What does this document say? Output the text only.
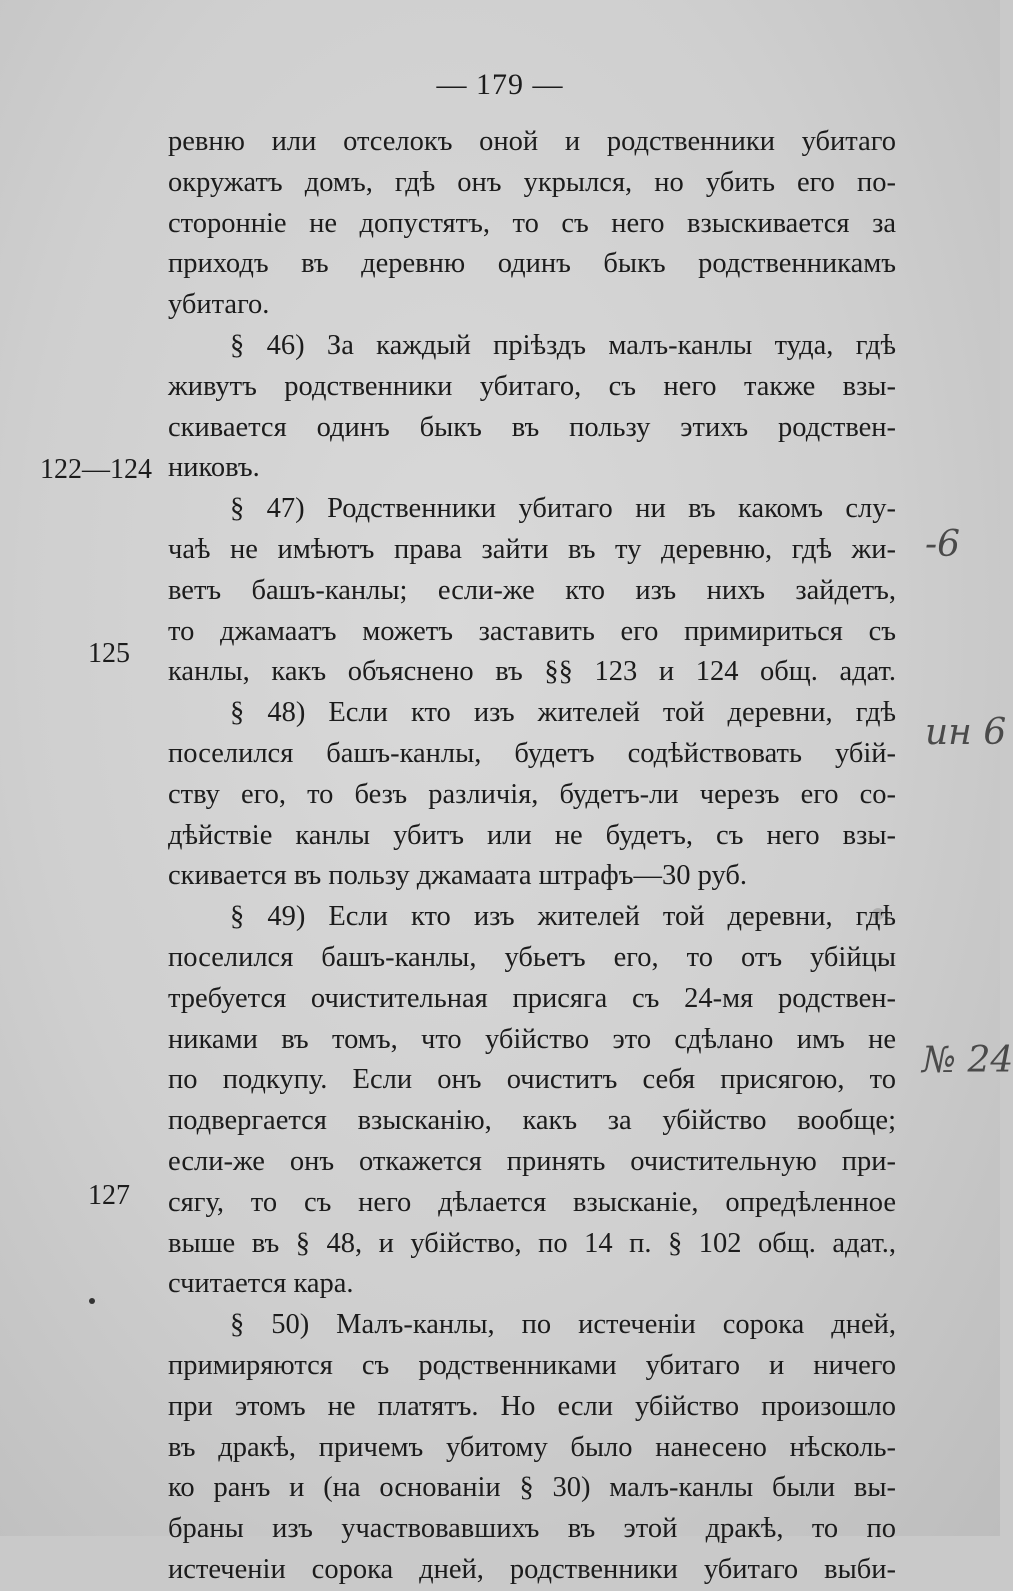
— 179 —
122—124
125
127
-6
ин 6
№ 24
ревню или отселокъ оной и родственники убитаго
окружатъ домъ, гдѣ онъ укрылся, но убить его по-
сторонніе не допустятъ, то съ него взыскивается за
приходъ въ деревню одинъ быкъ родственникамъ
убитаго.
§ 46) За каждый пріѣздъ малъ-канлы туда, гдѣ
живутъ родственники убитаго, съ него также взы-
скивается одинъ быкъ въ пользу этихъ родствен-
никовъ.
§ 47) Родственники убитаго ни въ какомъ слу-
чаѣ не имѣютъ права зайти въ ту деревню, гдѣ жи-
ветъ башъ-канлы; если-же кто изъ нихъ зайдетъ,
то джамаатъ можетъ заставить его примириться съ
канлы, какъ объяснено въ §§ 123 и 124 общ. адат.
§ 48) Если кто изъ жителей той деревни, гдѣ
поселился башъ-канлы, будетъ содѣйствовать убій-
ству его, то безъ различія, будетъ-ли черезъ его со-
дѣйствіе канлы убитъ или не будетъ, съ него взы-
скивается въ пользу джамаата штрафъ—30 руб.
§ 49) Если кто изъ жителей той деревни, гдѣ
поселился башъ-канлы, убьетъ его, то отъ убійцы
требуется очистительная присяга съ 24-мя родствен-
никами въ томъ, что убійство это сдѣлано имъ не
по подкупу. Если онъ очиститъ себя присягою, то
подвергается взысканію, какъ за убійство вообще;
если-же онъ откажется принять очистительную при-
сягу, то съ него дѣлается взысканіе, опредѣленное
выше въ § 48, и убійство, по 14 п. § 102 общ. адат.,
считается кара.
§ 50) Малъ-канлы, по истеченіи сорока дней,
примиряются съ родственниками убитаго и ничего
при этомъ не платятъ. Но если убійство произошло
въ дракѣ, причемъ убитому было нанесено нѣсколь-
ко ранъ и (на основаніи § 30) малъ-канлы были вы-
браны изъ участвовавшихъ въ этой дракѣ, то по
истеченіи сорока дней, родственники убитаго выби-
